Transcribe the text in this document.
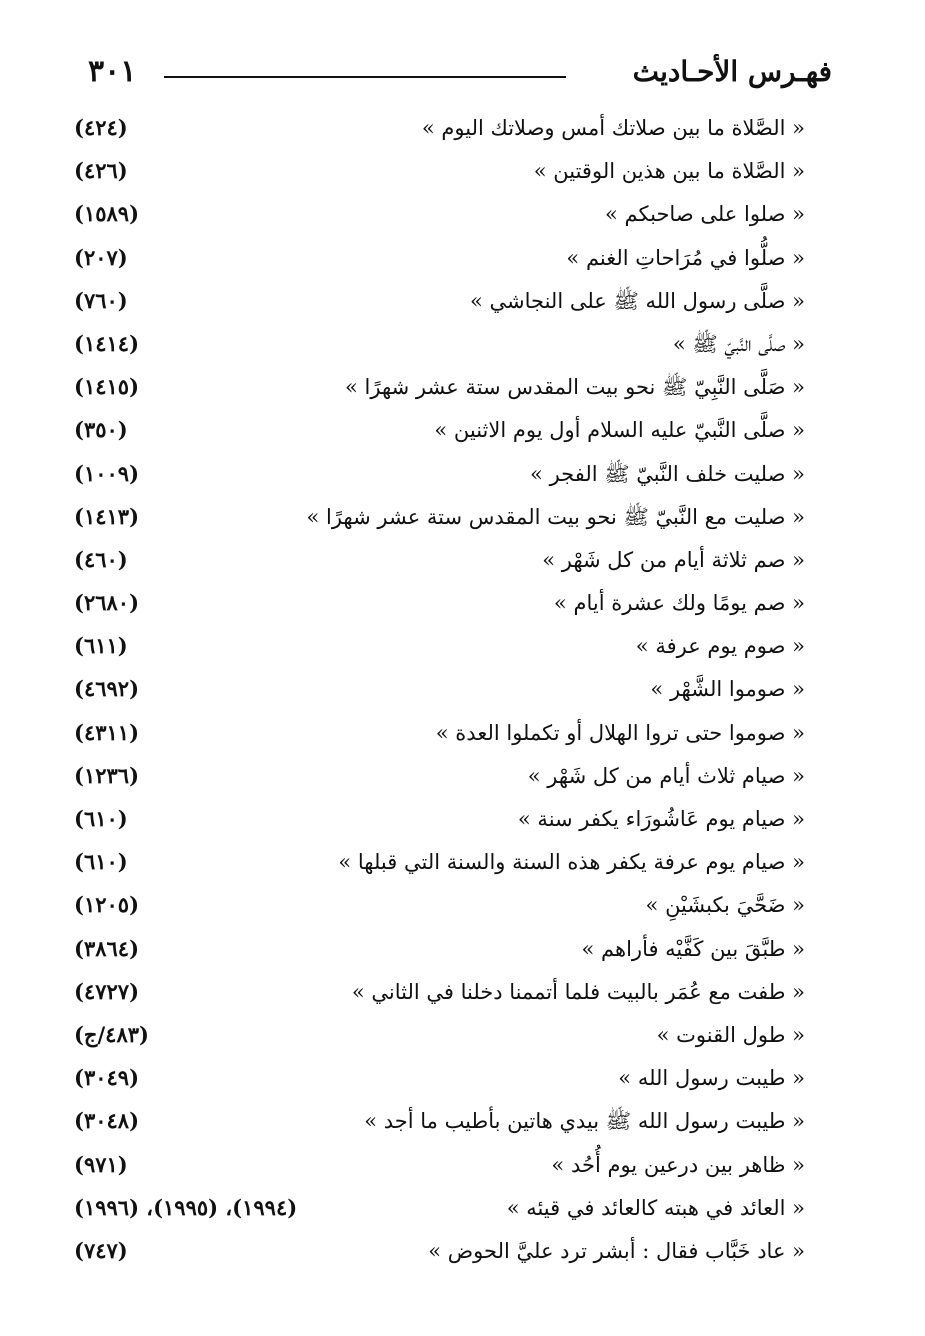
٣٠١	فهـرس الأحـاديث
« الصَّلاة ما بين صلاتك أمس وصلاتك اليوم »
(٤٢٤)
« الصَّلاة ما بين هذين الوقتين »
(٤٢٦)
« صلوا على صاحبكم »
(١٥٨٩)
« صلُّوا في مُرَاحاتِ الغنم »
(٢٠٧)
« صلَّى رسول الله ﷺ على النجاشي »
(٧٦٠)
« صلَّى النَّبيّ ﷺ »
(١٤١٤)
« صَلَّى النَّبِيّ ﷺ نحو بيت المقدس ستة عشر شهرًا »
(١٤١٥)
« صلَّى النَّبيّ عليه السلام أول يوم الاثنين »
(٣٥٠)
« صليت خلف النَّبيّ ﷺ الفجر »
(١٠٠٩)
« صليت مع النَّبيّ ﷺ نحو بيت المقدس ستة عشر شهرًا »
(١٤١٣)
« صم ثلاثة أيام من كل شَهْر »
(٤٦٠)
« صم يومًا ولك عشرة أيام »
(٢٦٨٠)
« صوم يوم عرفة »
(٦١١)
« صوموا الشَّهْر »
(٤٦٩٢)
« صوموا حتى تروا الهلال أو تكملوا العدة »
(٤٣١١)
« صيام ثلاث أيام من كل شَهْر »
(١٢٣٦)
« صيام يوم عَاشُورَاء يكفر سنة »
(٦١٠)
« صيام يوم عرفة يكفر هذه السنة والسنة التي قبلها »
(٦١٠)
« ضَحَّيَ بكبشَيْنِ »
(١٢٠٥)
« طبَّقَ بين كَفَّيْه فأراهم »
(٣٨٦٤)
« طفت مع عُمَر بالبيت فلما أتممنا دخلنا في الثاني »
(٤٧٢٧)
« طول القنوت »
(٤٨٣/ج)
« طيبت رسول الله »
(٣٠٤٩)
« طيبت رسول الله ﷺ بيدي هاتين بأطيب ما أجد »
(٣٠٤٨)
« ظاهر بين درعين يوم أُحُد »
(٩٧١)
« العائد في هبته كالعائد في قيئه »
(١٩٩٤)، (١٩٩٥)، (١٩٩٦)
« عاد خَبَّاب فقال : أبشر ترد عليَّ الحوض »
(٧٤٧)
